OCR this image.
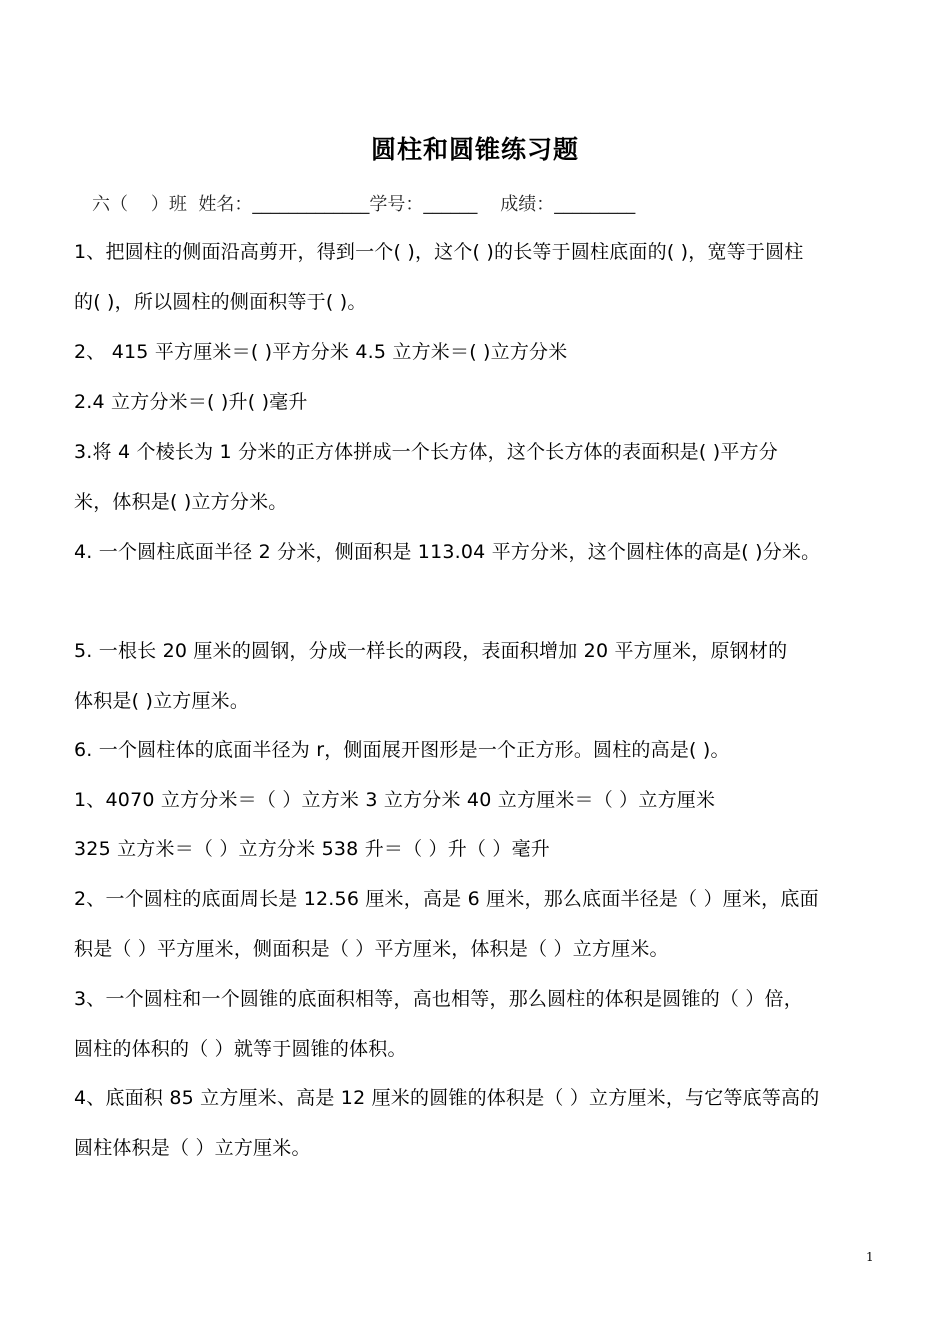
圆柱和圆锥练习题
六（    ）班  姓名：_____________学号：______    成绩：_________
1、把圆柱的侧面沿高剪开，得到一个( )，这个( )的长等于圆柱底面的( )，宽等于圆柱
的( )，所以圆柱的侧面积等于( )。
2、 415 平方厘米＝( )平方分米 4.5 立方米＝( )立方分米
2.4 立方分米＝( )升( )毫升
3.将 4 个棱长为 1 分米的正方体拼成一个长方体，这个长方体的表面积是( )平方分
米，体积是( )立方分米。
4. 一个圆柱底面半径 2 分米，侧面积是 113.04 平方分米，这个圆柱体的高是( )分米。
5. 一根长 20 厘米的圆钢，分成一样长的两段，表面积增加 20 平方厘米，原钢材的
体积是( )立方厘米。
6. 一个圆柱体的底面半径为 r，侧面展开图形是一个正方形。圆柱的高是( )。
1、4070 立方分米＝（ ）立方米 3 立方分米 40 立方厘米＝（ ）立方厘米
325 立方米＝（ ）立方分米 538 升＝（ ）升（ ）毫升
2、一个圆柱的底面周长是 12.56 厘米，高是 6 厘米，那么底面半径是（ ）厘米，底面
积是（ ）平方厘米，侧面积是（ ）平方厘米，体积是（ ）立方厘米。
3、一个圆柱和一个圆锥的底面积相等，高也相等，那么圆柱的体积是圆锥的（ ）倍，
圆柱的体积的（ ）就等于圆锥的体积。
4、底面积 85 立方厘米、高是 12 厘米的圆锥的体积是（ ）立方厘米，与它等底等高的
圆柱体积是（ ）立方厘米。
1
